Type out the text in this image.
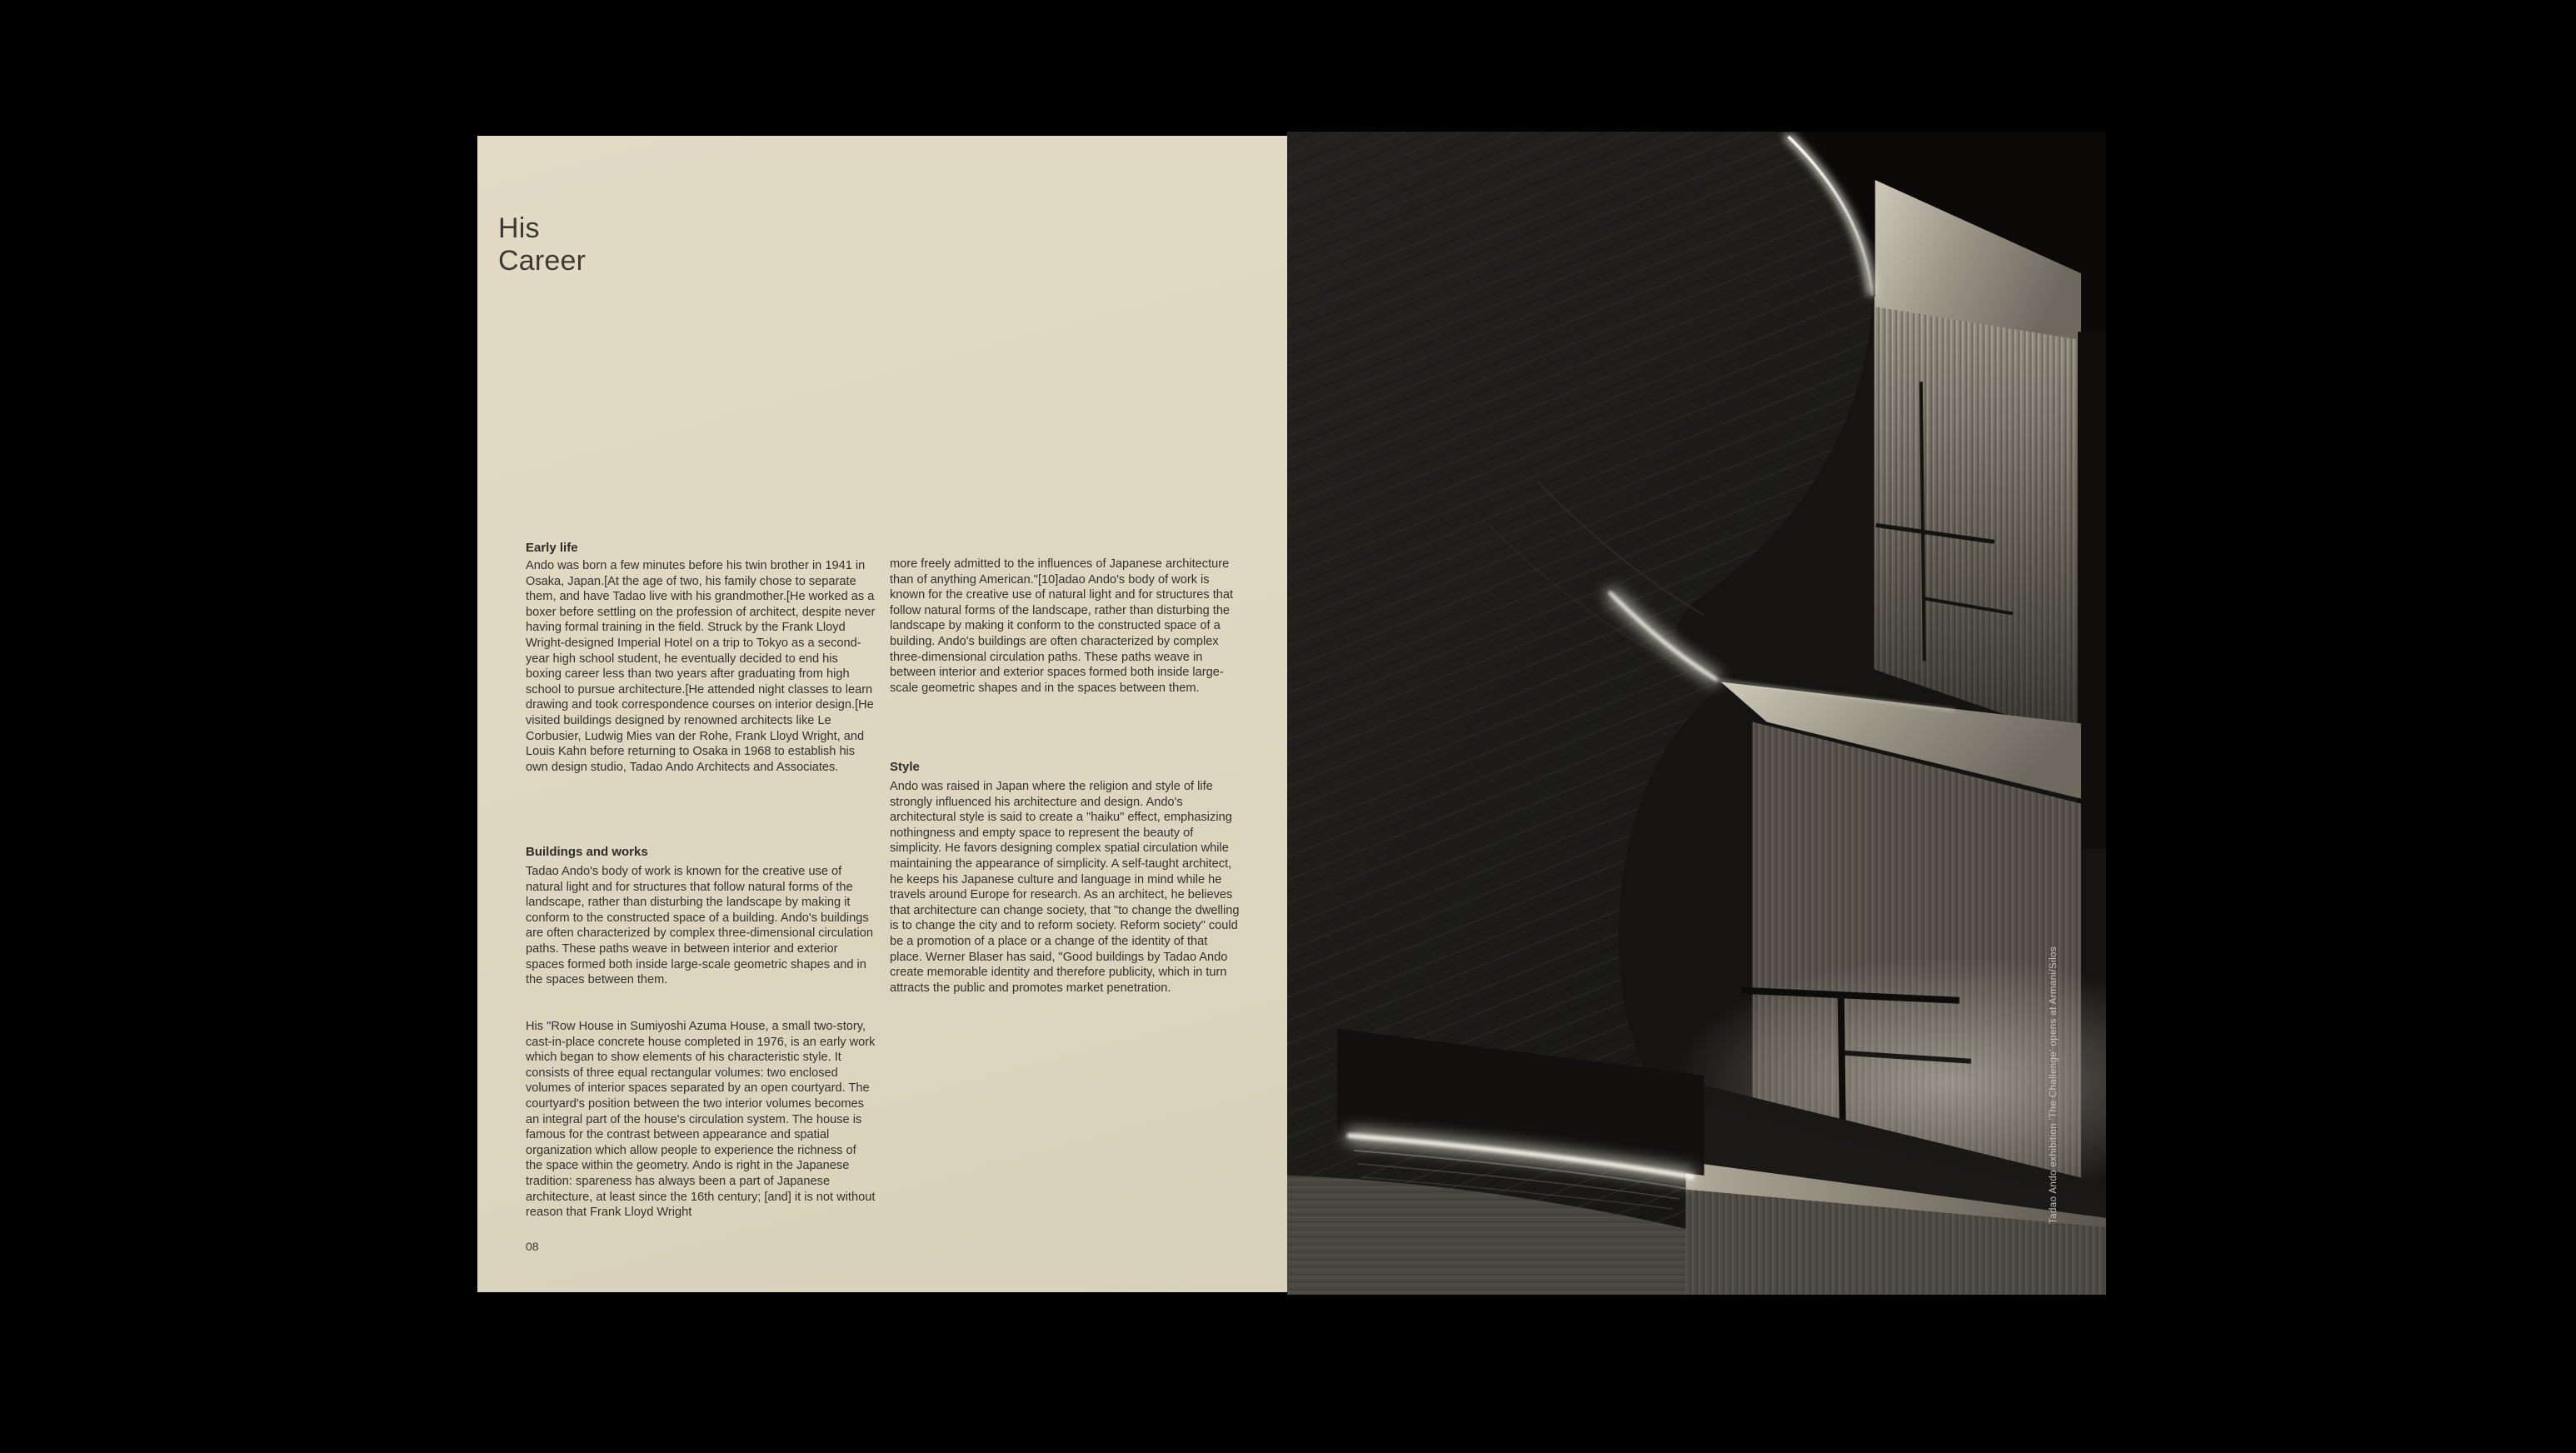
His
Career
Early life
Ando was born a few minutes before his twin brother in 1941 in Osaka, Japan.[At the age of two, his family chose to separate them, and have Tadao live with his grandmother.[He worked as a boxer before settling on the profession of architect, despite never having formal training in the field. Struck by the Frank Lloyd Wright-designed Imperial Hotel on a trip to Tokyo as a second-year high school student, he eventually decided to end his boxing career less than two years after graduating from high school to pursue architecture.[He attended night classes to learn drawing and took correspondence courses on interior design.[He visited buildings designed by renowned architects like Le Corbusier, Ludwig Mies van der Rohe, Frank Lloyd Wright, and Louis Kahn before returning to Osaka in 1968 to establish his own design studio, Tadao Ando Architects and Associates.
Buildings and works
Tadao Ando's body of work is known for the creative use of natural light and for structures that follow natural forms of the landscape, rather than disturbing the landscape by making it conform to the constructed space of a building. Ando's buildings are often characterized by complex three-dimensional circulation paths. These paths weave in between interior and exterior spaces formed both inside large-scale geometric shapes and in the spaces between them.
His "Row House in Sumiyoshi Azuma House, a small two-story, cast-in-place concrete house completed in 1976, is an early work which began to show elements of his characteristic style. It consists of three equal rectangular volumes: two enclosed volumes of interior spaces separated by an open courtyard. The courtyard's position between the two interior volumes becomes an integral part of the house's circulation system. The house is famous for the contrast between appearance and spatial organization which allow people to experience the richness of the space within the geometry. Ando is right in the Japanese tradition: spareness has always been a part of Japanese architecture, at least since the 16th century; [and] it is not without reason that Frank Lloyd Wright
more freely admitted to the influences of Japanese architecture than of anything American."[10]adao Ando's body of work is known for the creative use of natural light and for structures that follow natural forms of the landscape, rather than disturbing the landscape by making it conform to the constructed space of a building. Ando's buildings are often characterized by complex three-dimensional circulation paths. These paths weave in between interior and exterior spaces formed both inside large-scale geometric shapes and in the spaces between them.
Style
Ando was raised in Japan where the religion and style of life strongly influenced his architecture and design. Ando's architectural style is said to create a "haiku" effect, emphasizing nothingness and empty space to represent the beauty of simplicity. He favors designing complex spatial circulation while maintaining the appearance of simplicity. A self-taught architect, he keeps his Japanese culture and language in mind while he travels around Europe for research. As an architect, he believes that architecture can change society, that "to change the dwelling is to change the city and to reform society. Reform society" could be a promotion of a place or a change of the identity of that place. Werner Blaser has said, "Good buildings by Tadao Ando create memorable identity and therefore publicity, which in turn attracts the public and promotes market penetration.
08
Tadao Ando exhibition 'The Challenge' opens at Armani/Silos
